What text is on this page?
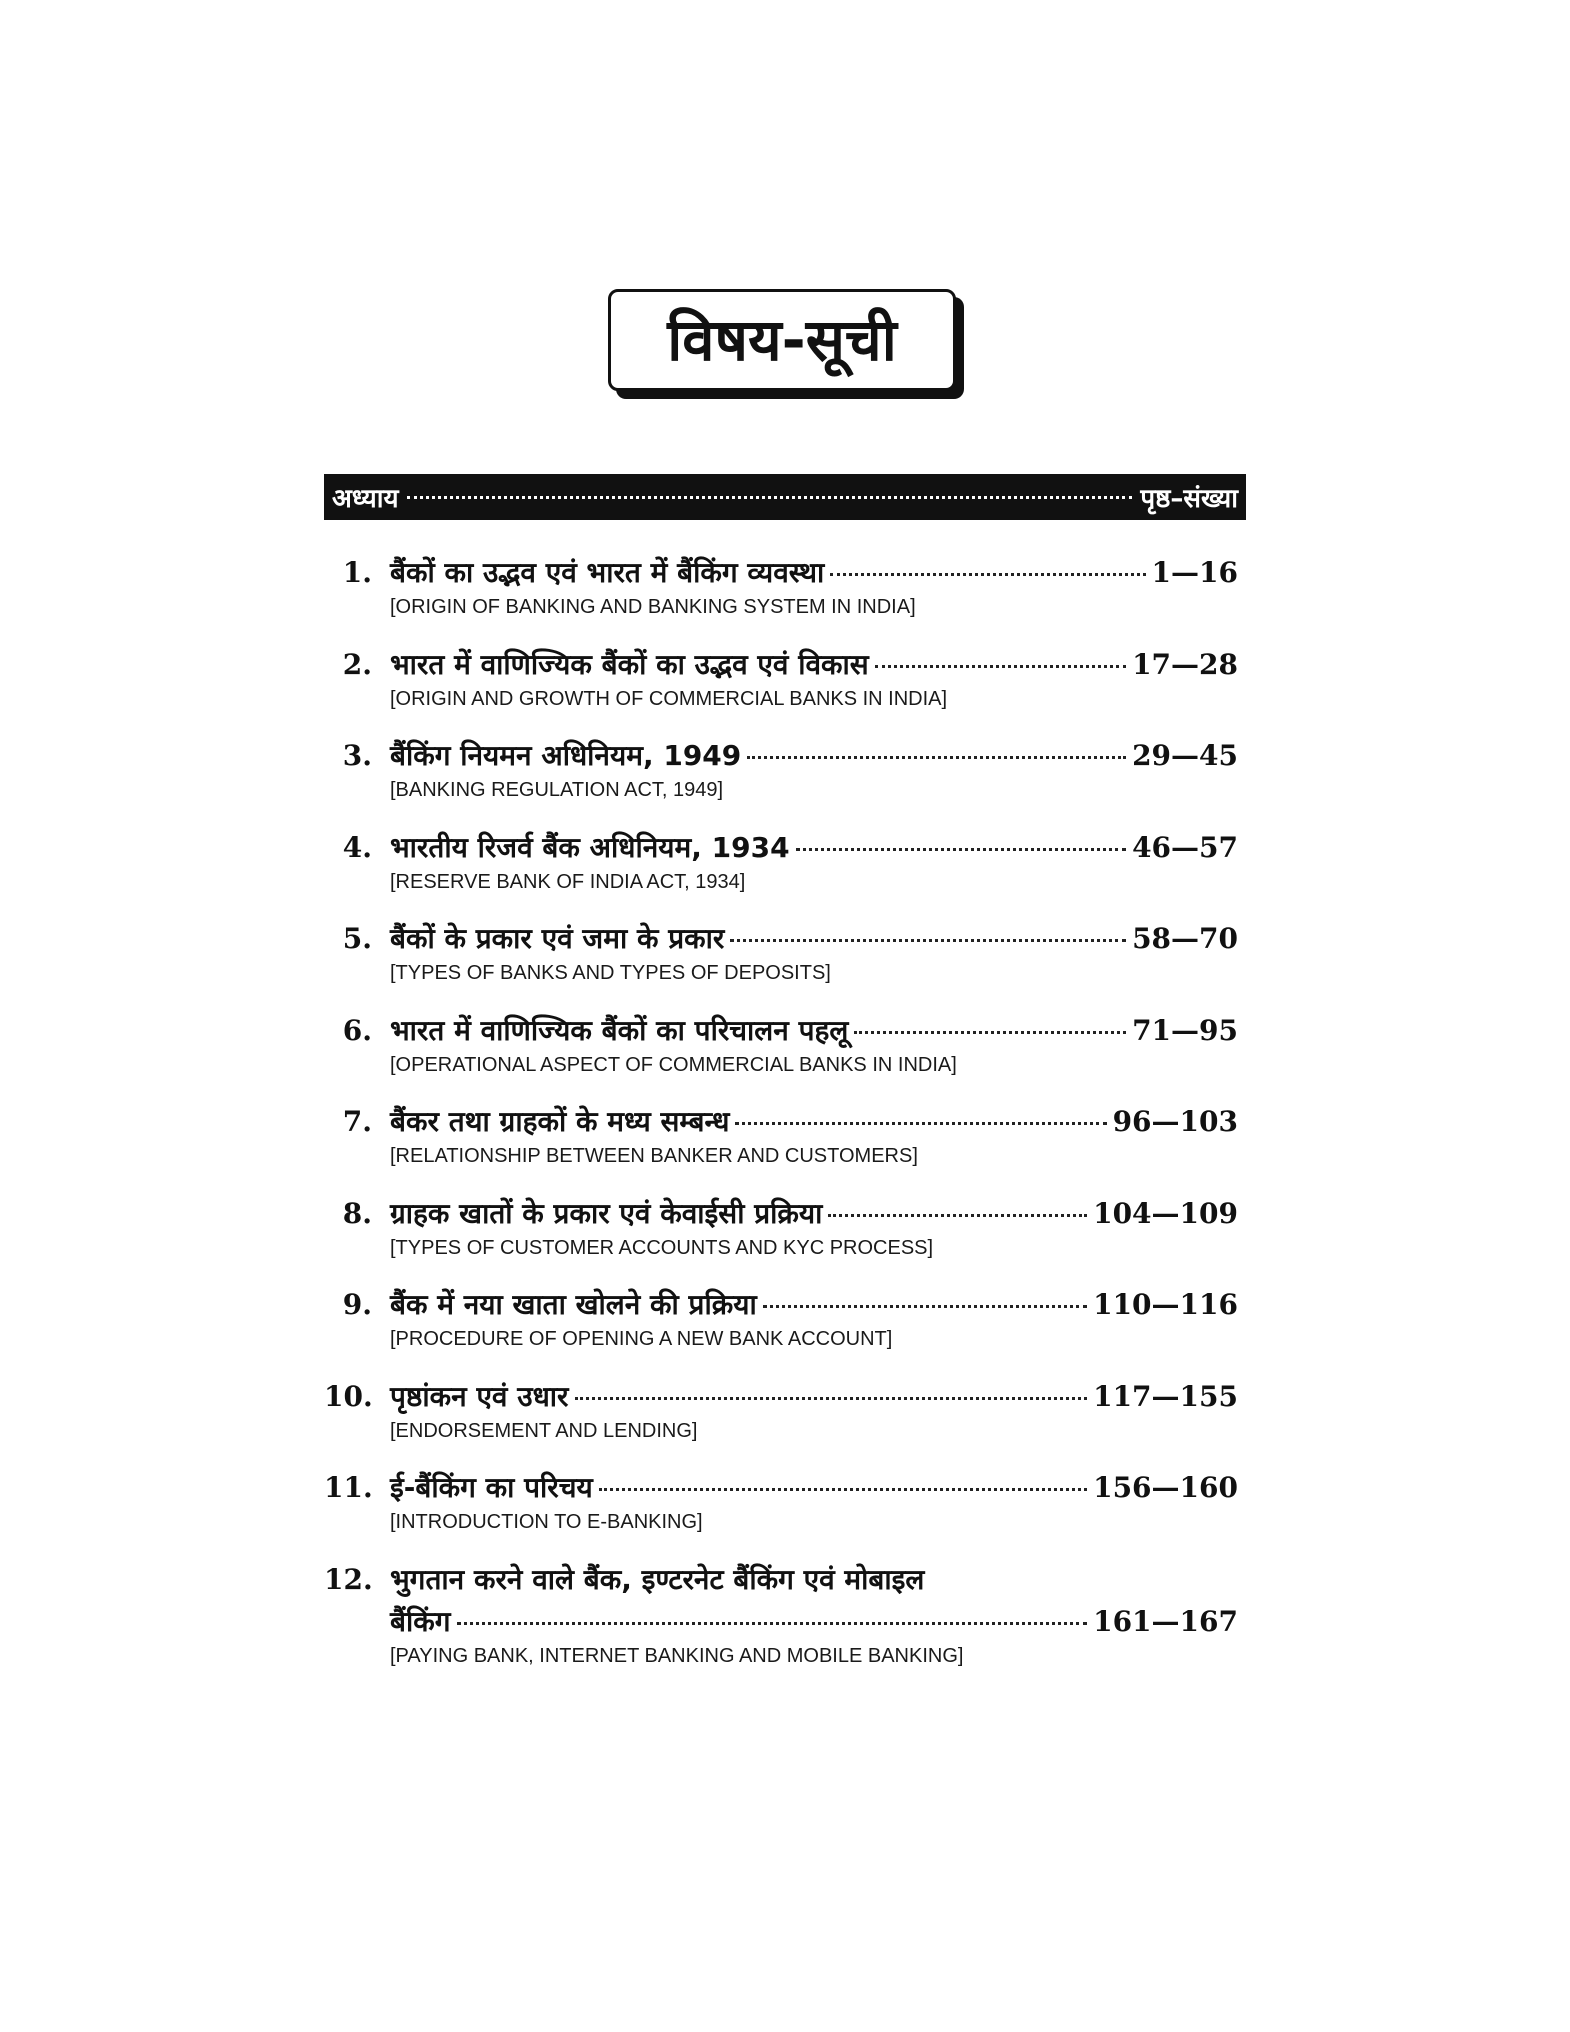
विषय-सूची
अध्याय	पृष्ठ–संख्या
1. बैंकों का उद्भव एवं भारत में बैंकिंग व्यवस्था	1—16
[ORIGIN OF BANKING AND BANKING SYSTEM IN INDIA]
2. भारत में वाणिज्यिक बैंकों का उद्भव एवं विकास	17—28
[ORIGIN AND GROWTH OF COMMERCIAL BANKS IN INDIA]
3. बैंकिंग नियमन अधिनियम, 1949	29—45
[BANKING REGULATION ACT, 1949]
4. भारतीय रिजर्व बैंक अधिनियम, 1934	46—57
[RESERVE BANK OF INDIA ACT, 1934]
5. बैंकों के प्रकार एवं जमा के प्रकार	58—70
[TYPES OF BANKS AND TYPES OF DEPOSITS]
6. भारत में वाणिज्यिक बैंकों का परिचालन पहलू	71—95
[OPERATIONAL ASPECT OF COMMERCIAL BANKS IN INDIA]
7. बैंकर तथा ग्राहकों के मध्य सम्बन्ध	96—103
[RELATIONSHIP BETWEEN BANKER AND CUSTOMERS]
8. ग्राहक खातों के प्रकार एवं केवाईसी प्रक्रिया	104—109
[TYPES OF CUSTOMER ACCOUNTS AND KYC PROCESS]
9. बैंक में नया खाता खोलने की प्रक्रिया	110—116
[PROCEDURE OF OPENING A NEW BANK ACCOUNT]
10. पृष्ठांकन एवं उधार	117—155
[ENDORSEMENT AND LENDING]
11. ई-बैंकिंग का परिचय	156—160
[INTRODUCTION TO E-BANKING]
12. भुगतान करने वाले बैंक, इण्टरनेट बैंकिंग एवं मोबाइल
बैंकिंग	161—167
[PAYING BANK, INTERNET BANKING AND MOBILE BANKING]
